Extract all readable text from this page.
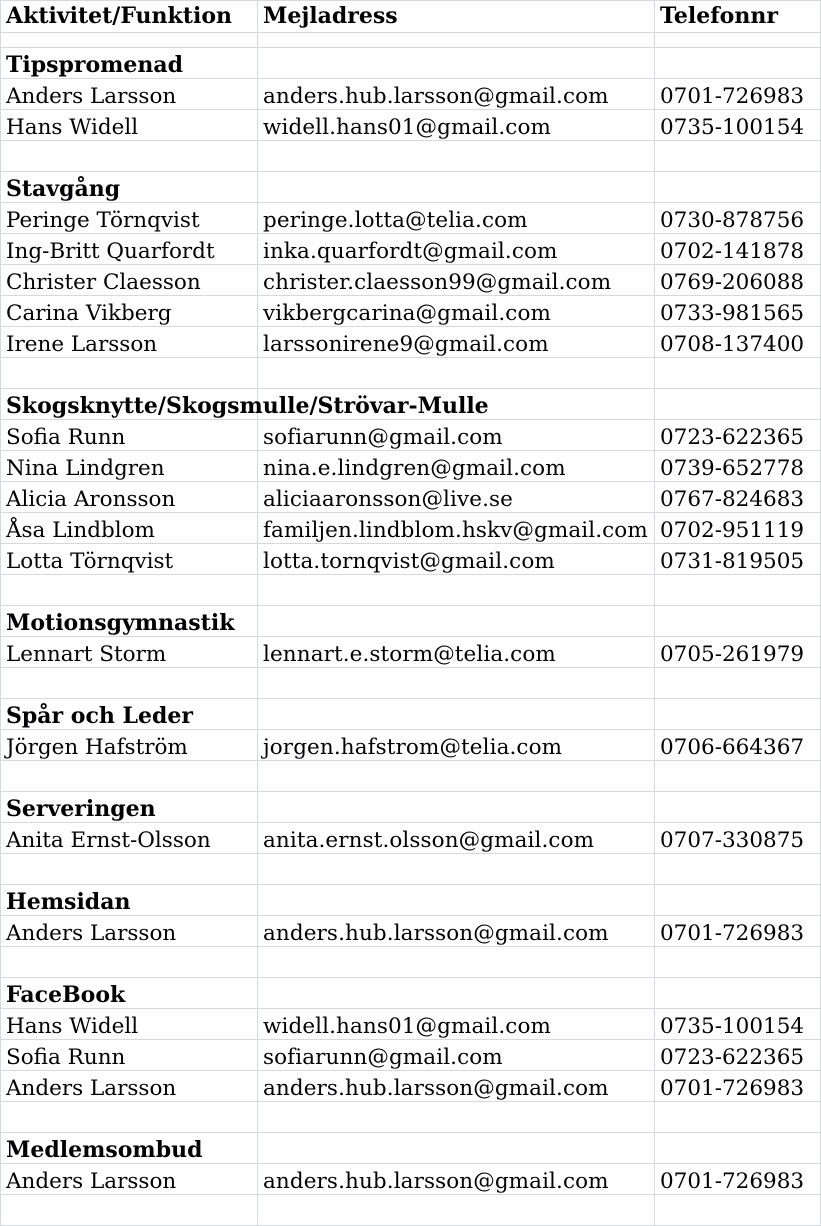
Aktivitet/Funktion	Mejladress	Telefonnr

Tipspromenad		
Anders Larsson	anders.hub.larsson@gmail.com	0701-726983
Hans Widell	widell.hans01@gmail.com	0735-100154

Stavgång		
Peringe Törnqvist	peringe.lotta@telia.com	0730-878756
Ing-Britt Quarfordt	inka.quarfordt@gmail.com	0702-141878
Christer Claesson	christer.claesson99@gmail.com	0769-206088
Carina Vikberg	vikbergcarina@gmail.com	0733-981565
Irene Larsson	larssonirene9@gmail.com	0708-137400

Skogsknytte/Skogsmulle/Strövar-Mulle		
Sofia Runn	sofiarunn@gmail.com	0723-622365
Nina Lindgren	nina.e.lindgren@gmail.com	0739-652778
Alicia Aronsson	aliciaaronsson@live.se	0767-824683
Åsa Lindblom	familjen.lindblom.hskv@gmail.com	0702-951119
Lotta Törnqvist	lotta.tornqvist@gmail.com	0731-819505

Motionsgymnastik		
Lennart Storm	lennart.e.storm@telia.com	0705-261979

Spår och Leder		
Jörgen Hafström	jorgen.hafstrom@telia.com	0706-664367

Serveringen		
Anita Ernst-Olsson	anita.ernst.olsson@gmail.com	0707-330875

Hemsidan		
Anders Larsson	anders.hub.larsson@gmail.com	0701-726983

FaceBook		
Hans Widell	widell.hans01@gmail.com	0735-100154
Sofia Runn	sofiarunn@gmail.com	0723-622365
Anders Larsson	anders.hub.larsson@gmail.com	0701-726983

Medlemsombud		
Anders Larsson	anders.hub.larsson@gmail.com	0701-726983
